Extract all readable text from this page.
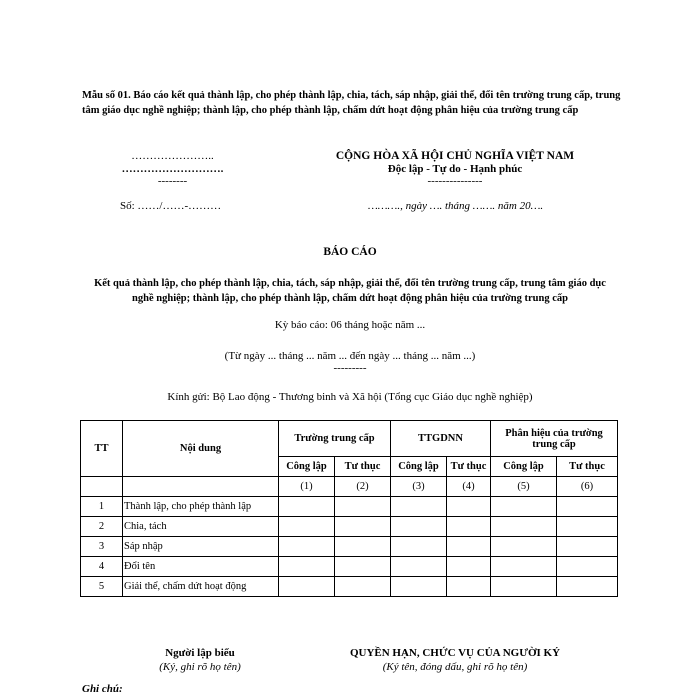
Mẫu số 01. Báo cáo kết quả thành lập, cho phép thành lập, chia, tách, sáp nhập, giải thể, đổi tên trường trung cấp, trung tâm giáo dục nghề nghiệp; thành lập, cho phép thành lập, chấm dứt hoạt động phân hiệu của trường trung cấp
…………………..
……………………….
--------
Số: ……/……-………
CỘNG HÒA XÃ HỘI CHỦ NGHĨA VIỆT NAM
Độc lập - Tự do - Hạnh phúc
---------------
………., ngày …. tháng ……. năm 20….
BÁO CÁO
Kết quả thành lập, cho phép thành lập, chia, tách, sáp nhập, giải thể, đổi tên trường trung cấp, trung tâm giáo dục nghề nghiệp; thành lập, cho phép thành lập, chấm dứt hoạt động phân hiệu của trường trung cấp
Kỳ báo cáo: 06 tháng hoặc năm ...
(Từ ngày ... tháng ... năm ... đến ngày ... tháng ... năm ...)
---------
Kính gửi: Bộ Lao động - Thương binh và Xã hội (Tổng cục Giáo dục nghề nghiệp)
TT	Nội dung	Trường trung cấp		TTGDNN		Phân hiệu của trường trung cấp	
		Công lập	Tư thục	Công lập	Tư thục	Công lập	Tư thục
		(1)	(2)	(3)	(4)	(5)	(6)
1	Thành lập, cho phép thành lập						
2	Chia, tách						
3	Sáp nhập						
4	Đổi tên						
5	Giải thể, chấm dứt hoạt động						
Người lập biểu
(Ký, ghi rõ họ tên)
QUYỀN HẠN, CHỨC VỤ CỦA NGƯỜI KÝ
(Ký tên, đóng dấu, ghi rõ họ tên)
Ghi chú:
